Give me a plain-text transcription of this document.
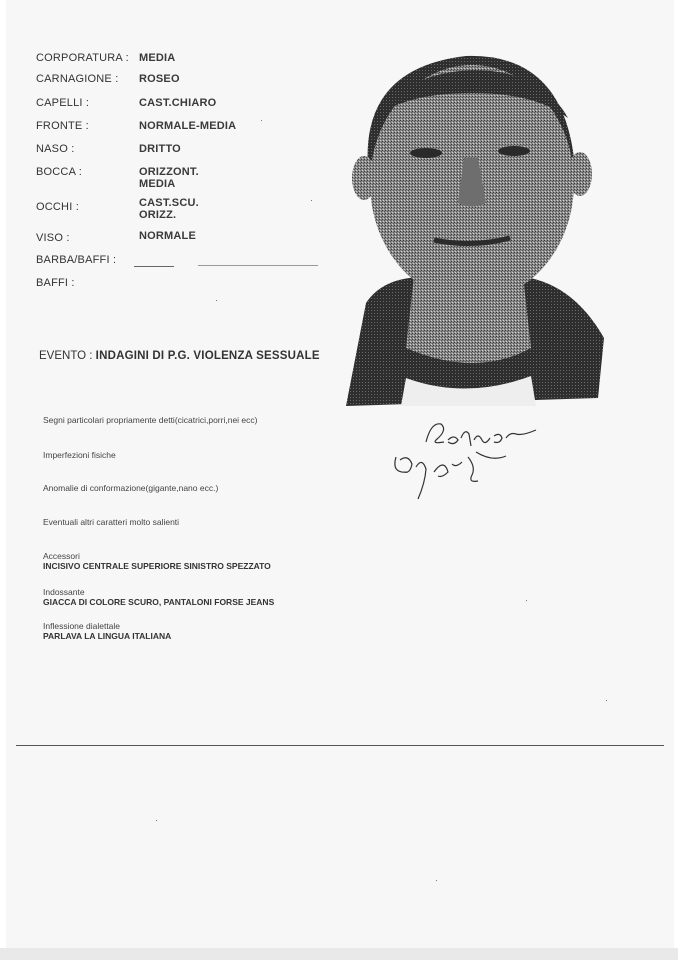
CORPORATURA : MEDIA
CARNAGIONE : ROSEO
CAPELLI :	CAST.CHIARO
FRONTE :	NORMALE-MEDIA
NASO :	DRITTO
BOCCA :	ORIZZONT.
MEDIA
OCCHI :	CAST.SCU.
ORIZZ.
VISO :	NORMALE
BARBA/BAFFI :
BAFFI :
EVENTO : INDAGINI DI P.G. VIOLENZA SESSUALE
Segni particolari propriamente detti(cicatrici,porri,nei ecc)
Imperfezioni fisiche
Anomalie di conformazione(gigante,nano ecc.)
Eventuali altri caratteri molto salienti
Accessori
INCISIVO CENTRALE SUPERIORE SINISTRO SPEZZATO
Indossante
GIACCA DI COLORE SCURO, PANTALONI FORSE JEANS
Inflessione dialettale
PARLAVA LA LINGUA ITALIANA
